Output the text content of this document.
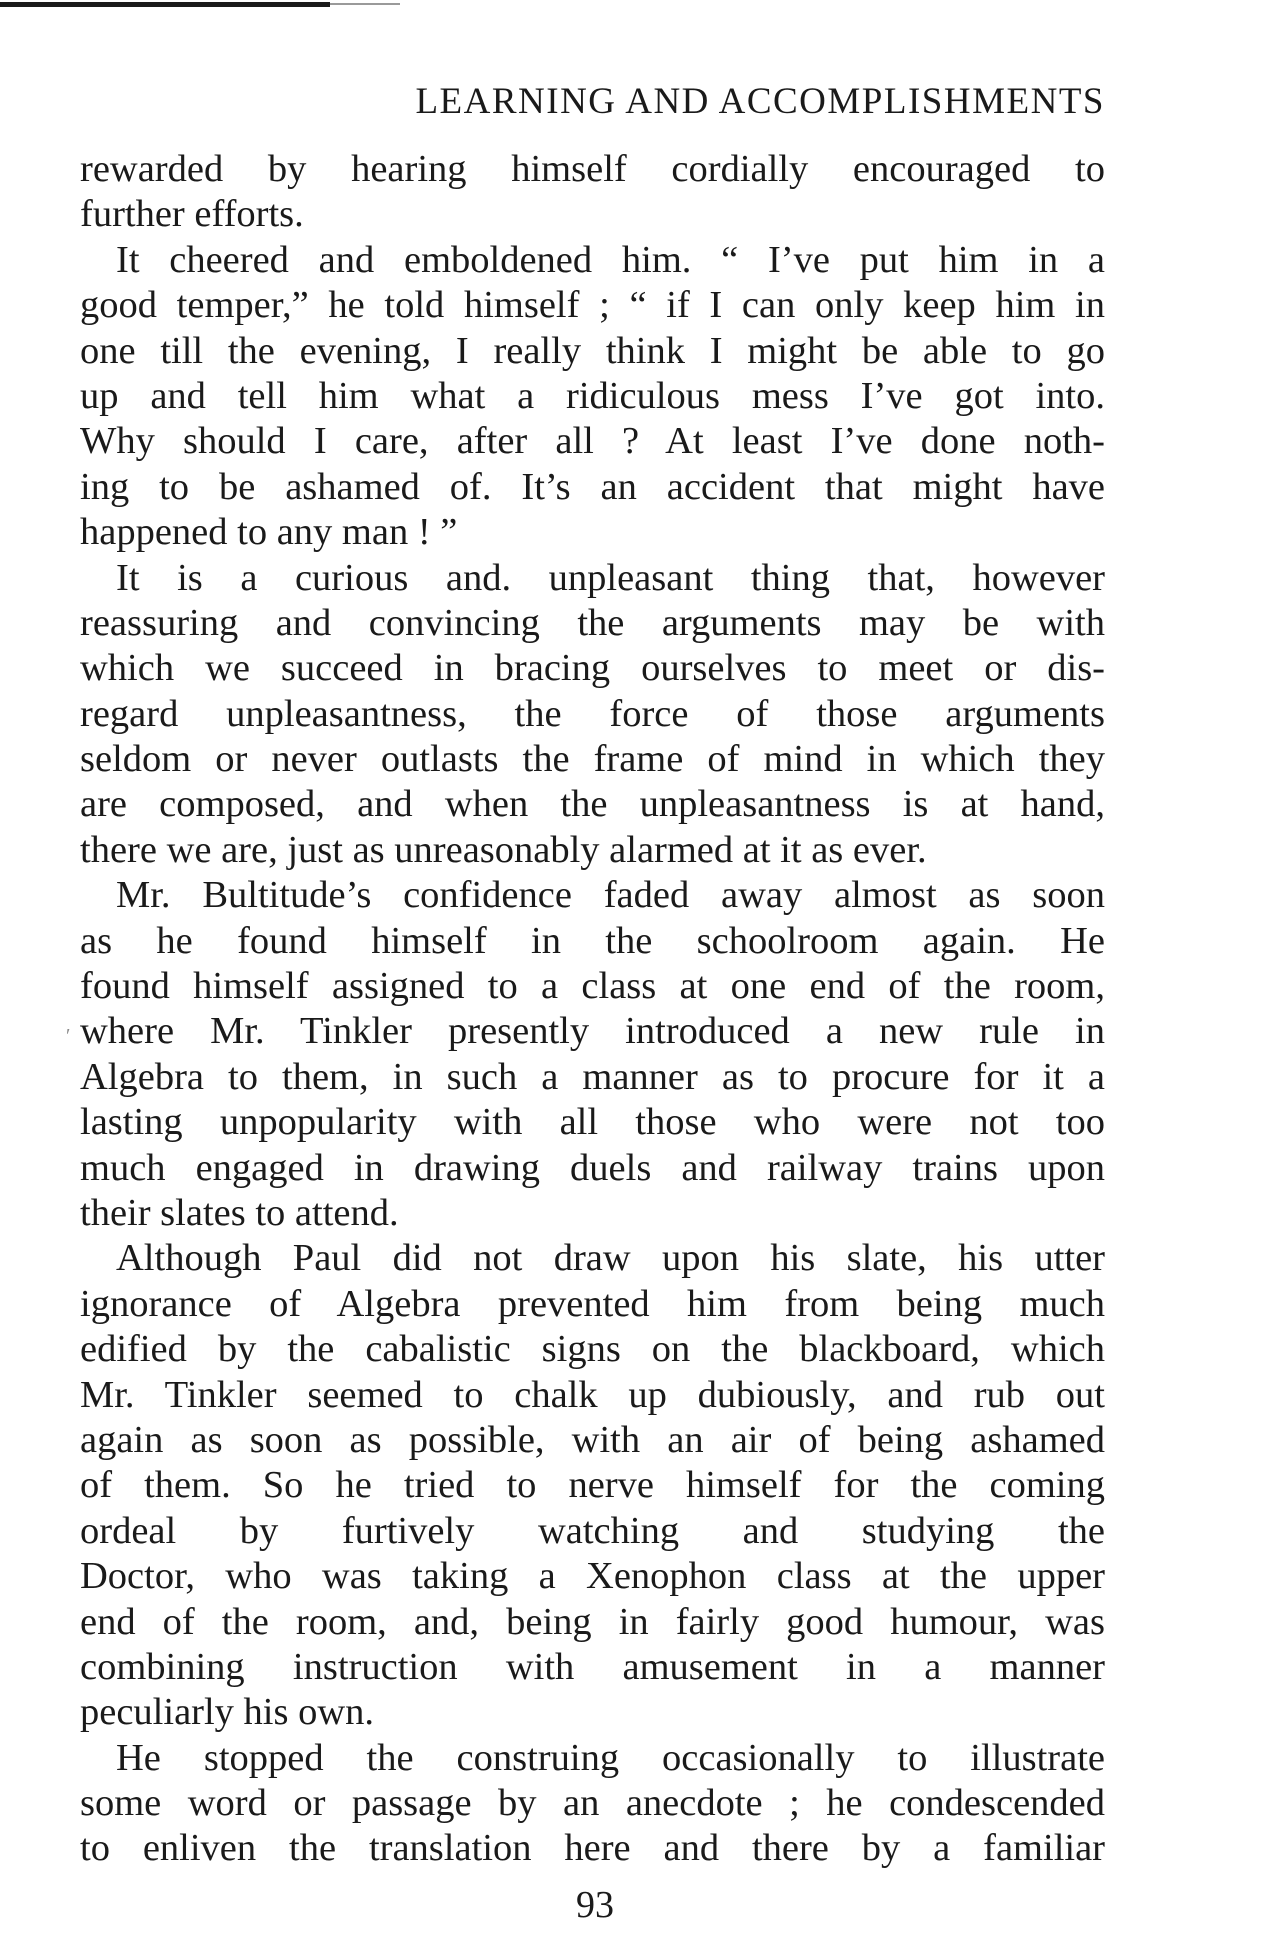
LEARNING AND ACCOMPLISHMENTS
rewarded by hearing himself cordially encouraged to
further efforts.
It cheered and emboldened him. “ I’ve put him in a
good temper,” he told himself ; “ if I can only keep him in
one till the evening, I really think I might be able to go
up and tell him what a ridiculous mess I’ve got into.
Why should I care, after all ? At least I’ve done noth-
ing to be ashamed of. It’s an accident that might have
happened to any man ! ”
It is a curious and. unpleasant thing that, however
reassuring and convincing the arguments may be with
which we succeed in bracing ourselves to meet or dis-
regard unpleasantness, the force of those arguments
seldom or never outlasts the frame of mind in which they
are composed, and when the unpleasantness is at hand,
there we are, just as unreasonably alarmed at it as ever.
Mr. Bultitude’s confidence faded away almost as soon
as he found himself in the schoolroom again. He
found himself assigned to a class at one end of the room,
where Mr. Tinkler presently introduced a new rule in
Algebra to them, in such a manner as to procure for it a
lasting unpopularity with all those who were not too
much engaged in drawing duels and railway trains upon
their slates to attend.
Although Paul did not draw upon his slate, his utter
ignorance of Algebra prevented him from being much
edified by the cabalistic signs on the blackboard, which
Mr. Tinkler seemed to chalk up dubiously, and rub out
again as soon as possible, with an air of being ashamed
of them. So he tried to nerve himself for the coming
ordeal by furtively watching and studying the
Doctor, who was taking a Xenophon class at the upper
end of the room, and, being in fairly good humour, was
combining instruction with amusement in a manner
peculiarly his own.
He stopped the construing occasionally to illustrate
some word or passage by an anecdote ; he condescended
to enliven the translation here and there by a familiar
′
93
